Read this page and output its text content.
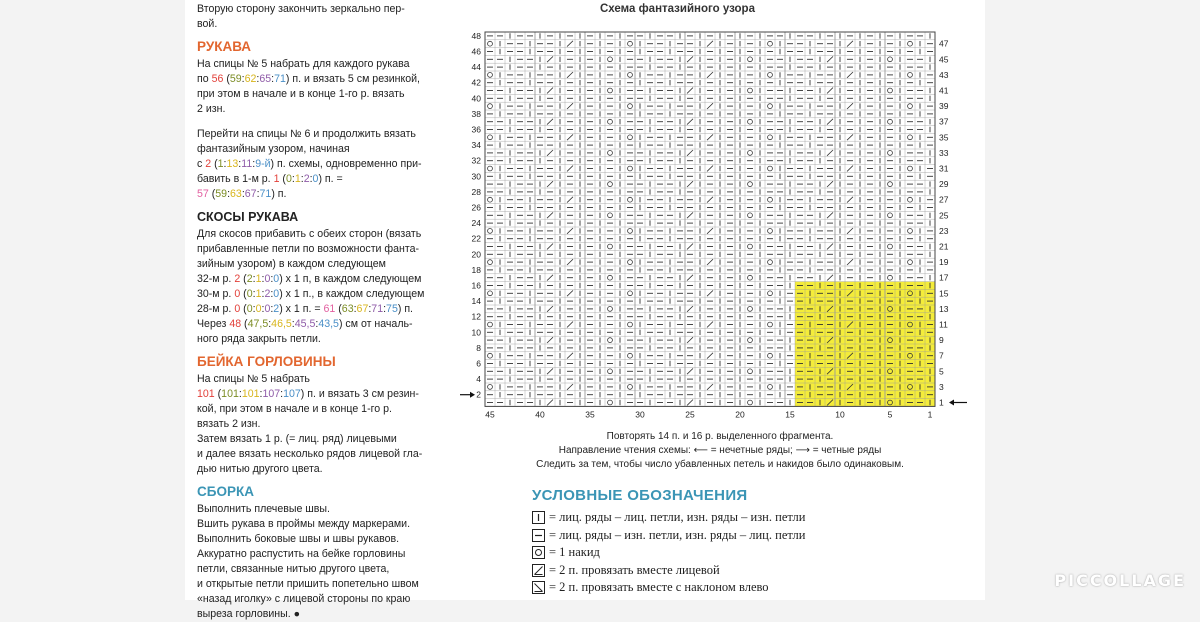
Вторую сторону закончить зеркально пер-
вой.

РУКАВА

На спицы № 5 набрать для каждого рукава
по 56 (59:62:65:71) п. и вязать 5 см резинкой,
при этом в начале и в конце 1-го р. вязать
2 изн.

Перейти на спицы № 6 и продолжить вязать
фантазийным узором, начиная
с 2 (1:13:11:9-й) п. схемы, одновременно при-
бавить в 1-м р. 1 (0:1:2:0) п. =
57 (59:63:67:71) п.

СКОСЫ РУКАВА

Для скосов прибавить с обеих сторон (вязать
прибавленные петли по возможности фанта-
зийным узором) в каждом следующем

32-м р. 2 (2:1:0:0) х 1 п, в каждом следующем

30-м р. 0 (0:1:2:0) х 1 п., в каждом следующем

28-м р. 0 (0:0:0:2) х 1 п. = 61 (63:67:71:75) п.

Через 48 (47,5:46,5:45,5:43,5) см от началь-
ного ряда закрыть петли.

БЕЙКА ГОРЛОВИНЫ

На спицы № 5 набрать
101 (101:101:107:107) п. и вязать 3 см резин-
кой, при этом в начале и в конце 1-го р.
вязать 2 изн.
Затем вязать 1 р. (= лиц. ряд) лицевыми
и далее вязать несколько рядов лицевой гла-
дью нитью другого цвета.

СБОРКА

Выполнить плечевые швы.
Вшить рукава в проймы между маркерами.
Выполнить боковые швы и швы рукавов.
Аккуратно распустить на бейке горловины
петли, связанные нитью другого цвета,
и открытые петли пришить попетельно швом
«назад иголку» с лицевой стороны по краю
выреза горловины. ●

Схема фантазийного узора
2
4
6
8
10
12
14
16
18
20
22
24
26
28
30
32
34
36
38
40
42
44
46
48
1
3
5
7
9
11
13
15
17
19
21
23
25
27
29
31
33
35
37
39
41
43
45
47
45	40	35	30	25	20	15	10	5	1
Повторять 14 п. и 16 р. выделенного фрагмента.
Направление чтения схемы: ⟵ = нечетные ряды; ⟶ = четные ряды
Следить за тем, чтобы число убавленных петель и накидов было одинаковым.
УСЛОВНЫЕ ОБОЗНАЧЕНИЯ
= лиц. ряды – лиц. петли, изн. ряды – изн. петли
= лиц. ряды – изн. петли, изн. ряды – лиц. петли
= 1 накид
= 2 п. провязать вместе лицевой
= 2 п. провязать вместе с наклоном влево	PICCOLLAGE
